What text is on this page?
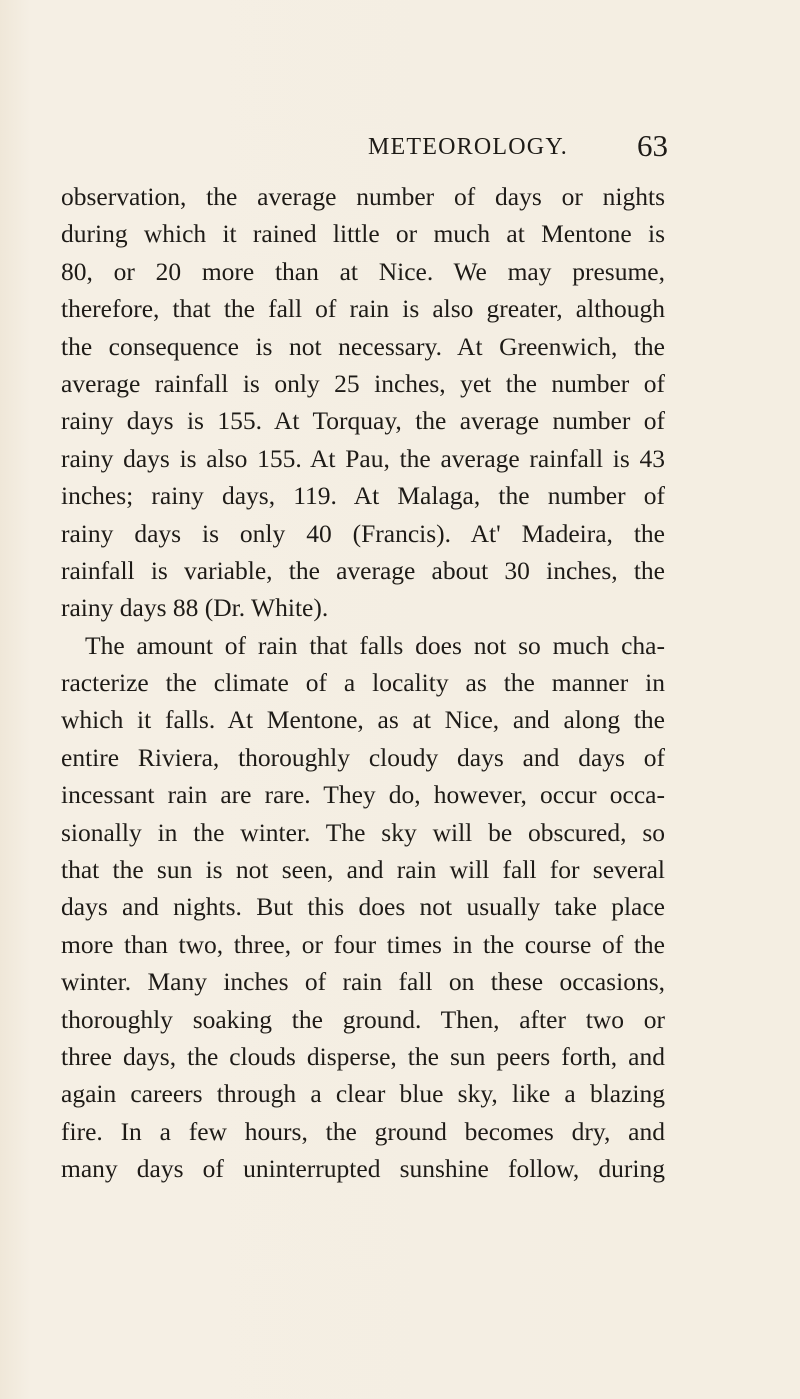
METEOROLOGY. 63
observation, the average number of days or nights
during which it rained little or much at Mentone is
80, or 20 more than at Nice. We may presume,
therefore, that the fall of rain is also greater, although
the consequence is not necessary. At Greenwich, the
average rainfall is only 25 inches, yet the number of
rainy days is 155. At Torquay, the average number of
rainy days is also 155. At Pau, the average rainfall is 43
inches; rainy days, 119. At Malaga, the number of
rainy days is only 40 (Francis). At' Madeira, the
rainfall is variable, the average about 30 inches, the
rainy days 88 (Dr. White).
The amount of rain that falls does not so much cha-
racterize the climate of a locality as the manner in
which it falls. At Mentone, as at Nice, and along the
entire Riviera, thoroughly cloudy days and days of
incessant rain are rare. They do, however, occur occa-
sionally in the winter. The sky will be obscured, so
that the sun is not seen, and rain will fall for several
days and nights. But this does not usually take place
more than two, three, or four times in the course of the
winter. Many inches of rain fall on these occasions,
thoroughly soaking the ground. Then, after two or
three days, the clouds disperse, the sun peers forth, and
again careers through a clear blue sky, like a blazing
fire. In a few hours, the ground becomes dry, and
many days of uninterrupted sunshine follow, during
